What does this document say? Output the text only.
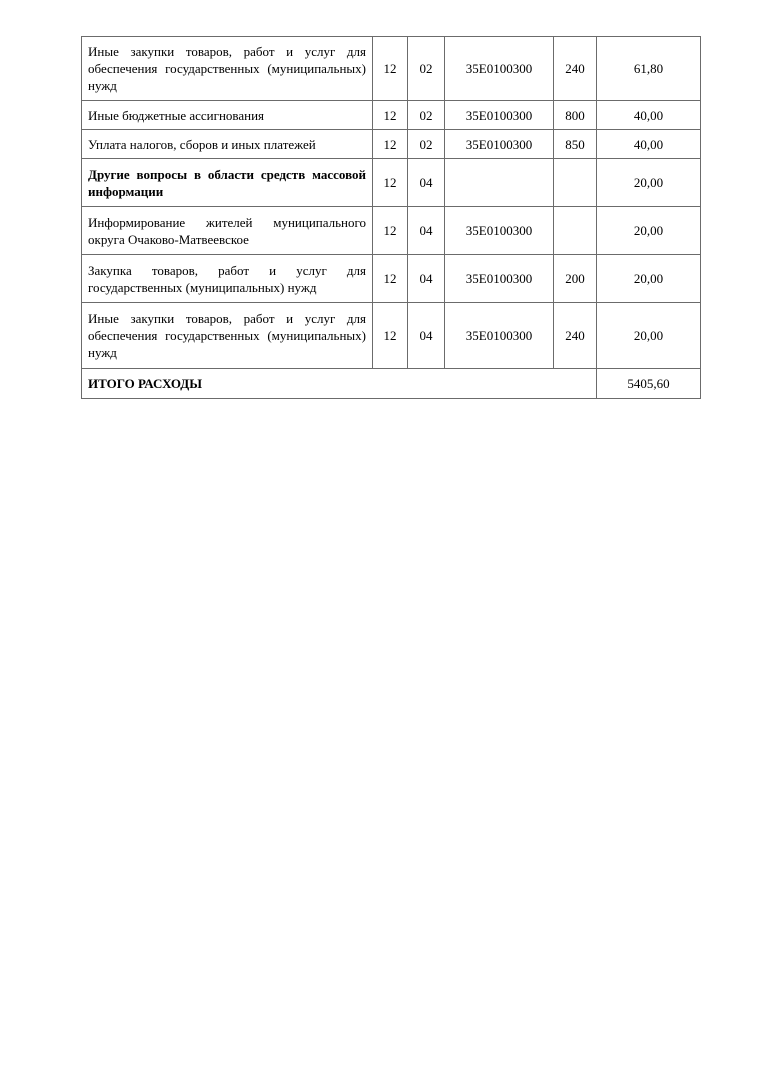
Иные закупки товаров, работ и услуг для обеспечения государственных (муниципальных) нужд	12	02	35Е0100300	240	61,80
Иные бюджетные ассигнования	12	02	35Е0100300	800	40,00
Уплата налогов, сборов и иных платежей	12	02	35Е0100300	850	40,00
Другие вопросы в области средств массовой информации	12	04			20,00
Информирование жителей муниципального округа Очаково-Матвеевское	12	04	35Е0100300		20,00
Закупка товаров, работ и услуг для государственных (муниципальных) нужд	12	04	35Е0100300	200	20,00
Иные закупки товаров, работ и услуг для обеспечения государственных (муниципальных) нужд	12	04	35Е0100300	240	20,00
ИТОГО РАСХОДЫ					5405,60
